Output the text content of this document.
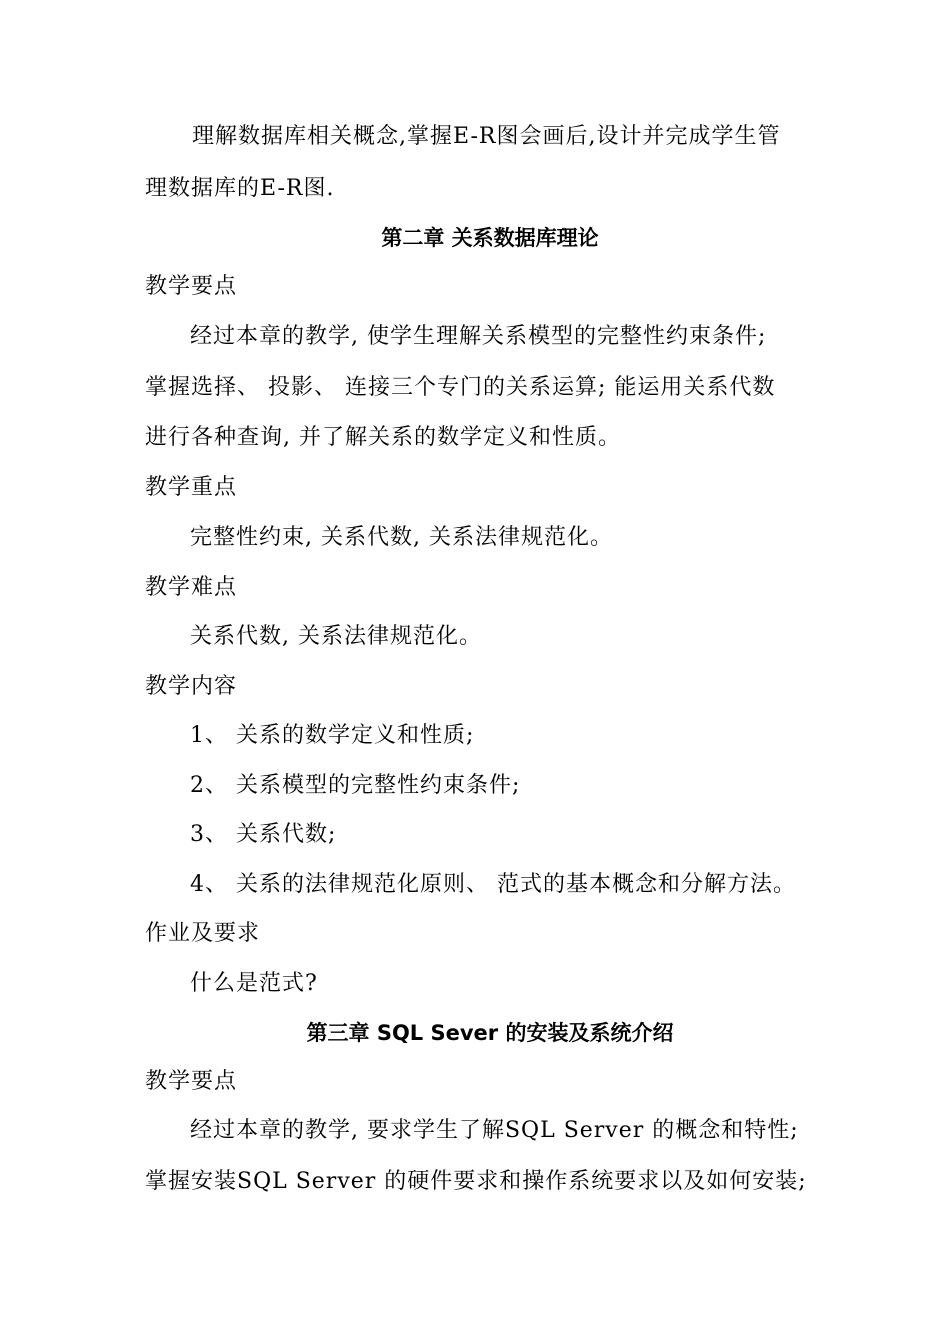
理解数据库相关概念,掌握E-R图会画后,设计并完成学生管
理数据库的E-R图.
第二章 关系数据库理论
教学要点
经过本章的教学, 使学生理解关系模型的完整性约束条件;
掌握选择、 投影、 连接三个专门的关系运算; 能运用关系代数
进行各种查询, 并了解关系的数学定义和性质。
教学重点
完整性约束, 关系代数, 关系法律规范化。
教学难点
关系代数, 关系法律规范化。
教学内容
1、 关系的数学定义和性质;
2、 关系模型的完整性约束条件;
3、 关系代数;
4、 关系的法律规范化原则、 范式的基本概念和分解方法。
作业及要求
什么是范式?
第三章 SQL Sever 的安装及系统介绍
教学要点
经过本章的教学, 要求学生了解SQL Server 的概念和特性;
掌握安装SQL Server 的硬件要求和操作系统要求以及如何安装;
